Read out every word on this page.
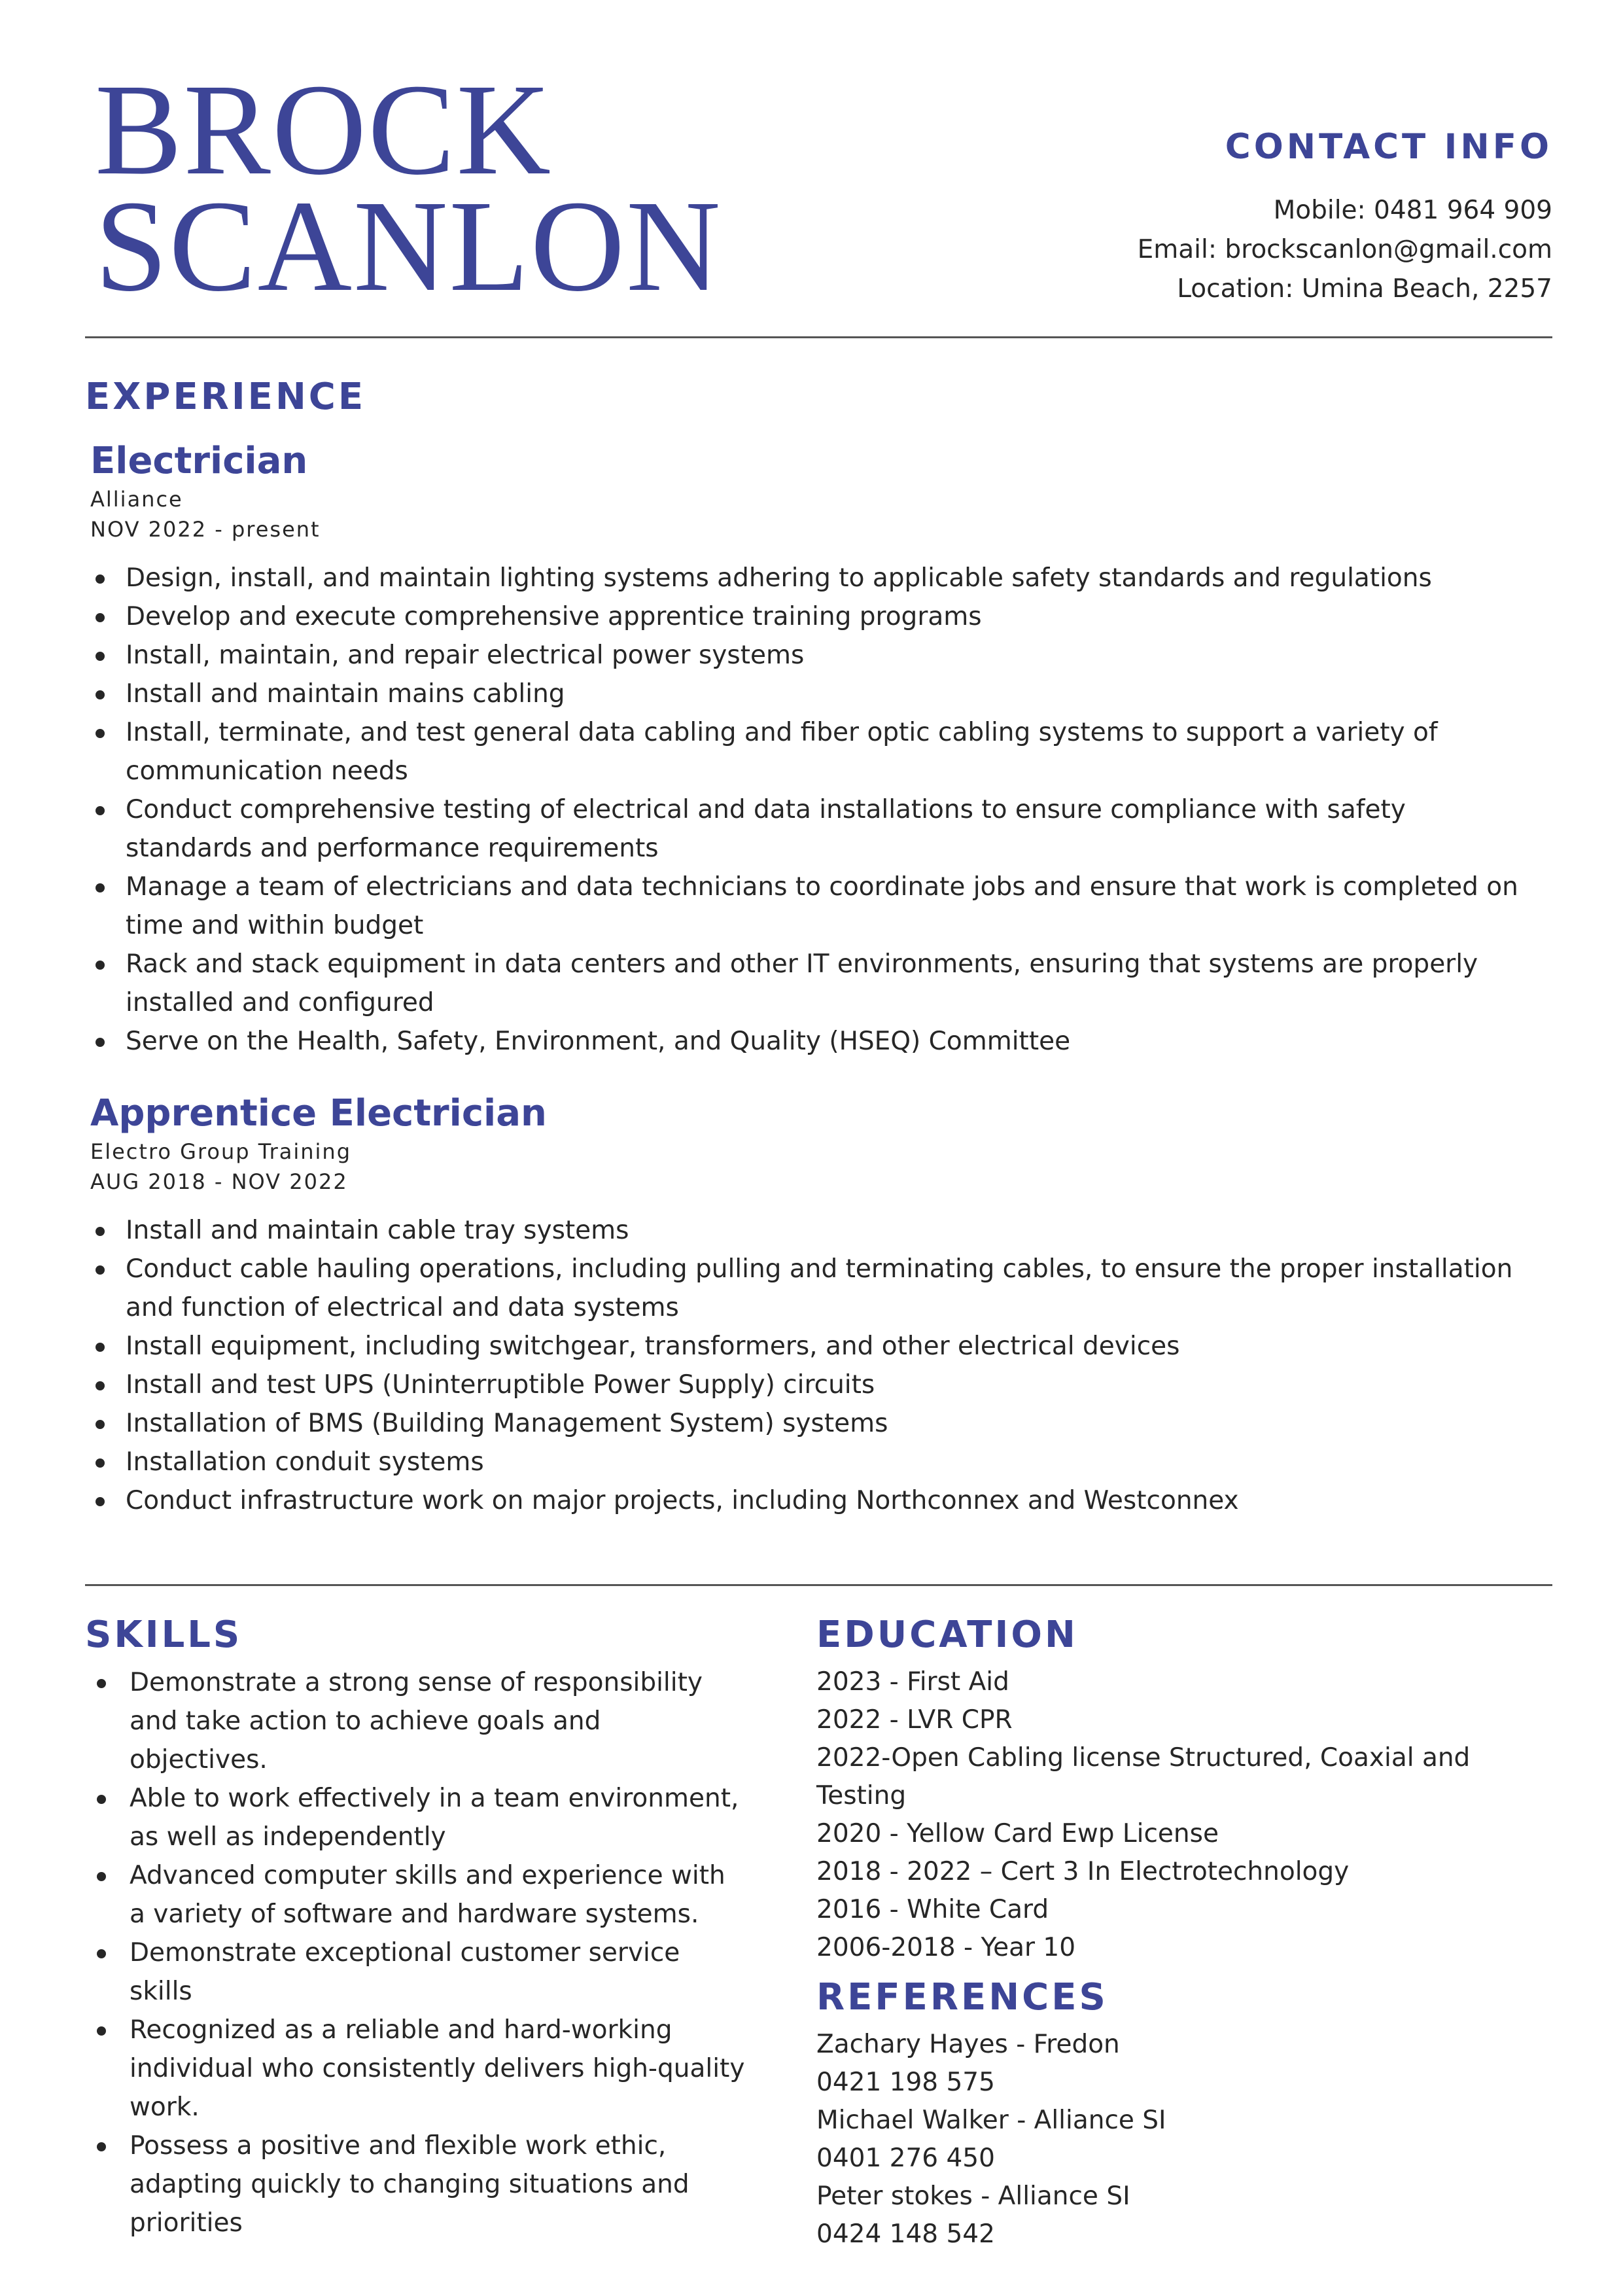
BROCK
SCANLON

CONTACT INFO

Mobile: 0481 964 909

Email: brockscanlon@gmail.com

Location: Umina Beach, 2257

EXPERIENCE

Electrician

Alliance

NOV 2022 - present

Design, install, and maintain lighting systems adhering to applicable safety standards and regulations
Develop and execute comprehensive apprentice training programs
Install, maintain, and repair electrical power systems
Install and maintain mains cabling
Install, terminate, and test general data cabling and fiber optic cabling systems to support a variety of communication needs
Conduct comprehensive testing of electrical and data installations to ensure compliance with safety standards and performance requirements
Manage a team of electricians and data technicians to coordinate jobs and ensure that work is completed on time and within budget
Rack and stack equipment in data centers and other IT environments, ensuring that systems are properly installed and configured
Serve on the Health, Safety, Environment, and Quality (HSEQ) Committee

Apprentice Electrician

Electro Group Training

AUG 2018 - NOV 2022

Install and maintain cable tray systems
Conduct cable hauling operations, including pulling and terminating cables, to ensure the proper installation and function of electrical and data systems
Install equipment, including switchgear, transformers, and other electrical devices
Install and test UPS (Uninterruptible Power Supply) circuits
Installation of BMS (Building Management System) systems
Installation conduit systems
Conduct infrastructure work on major projects, including Northconnex and Westconnex

SKILLS

Demonstrate a strong sense of responsibility and take action to achieve goals and objectives.
Able to work effectively in a team environment, as well as independently
Advanced computer skills and experience with a variety of software and hardware systems.
Demonstrate exceptional customer service skills
Recognized as a reliable and hard-working individual who consistently delivers high-quality work.
Possess a positive and flexible work ethic, adapting quickly to changing situations and priorities

EDUCATION

2023 - First Aid

2022 - LVR CPR

2022-Open Cabling license Structured, Coaxial and Testing

2020 - Yellow Card Ewp License

2018 - 2022 – Cert 3 In Electrotechnology

2016 - White Card

2006-2018 - Year 10

REFERENCES

Zachary Hayes - Fredon

0421 198 575

Michael Walker - Alliance SI

0401 276 450

Peter stokes - Alliance SI

0424 148 542
